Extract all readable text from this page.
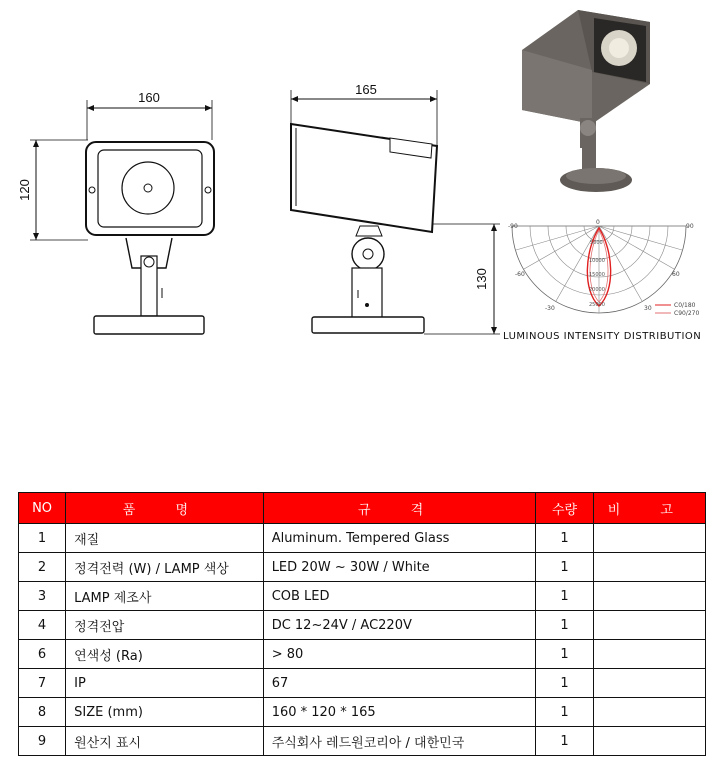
160
120
165
130
-90
0
90
60
-60
-30	30
5000
10000
15000
20000
25000	C0/180
C90/270
LUMINOUS INTENSITY DISTRIBUTION
NO	품 명	규 격	수량	비 고
1	재질	Aluminum. Tempered Glass	1	
2	정격전력 (W) / LAMP 색상	LED 20W ~ 30W / White	1	
3	LAMP 제조사	COB LED	1	
4	정격전압	DC 12~24V / AC220V	1	
6	연색성 (Ra)	> 80	1	
7	IP	67	1	
8	SIZE (mm)	160 * 120 * 165	1	
9	원산지 표시	주식회사 레드원코리아 / 대한민국	1	
